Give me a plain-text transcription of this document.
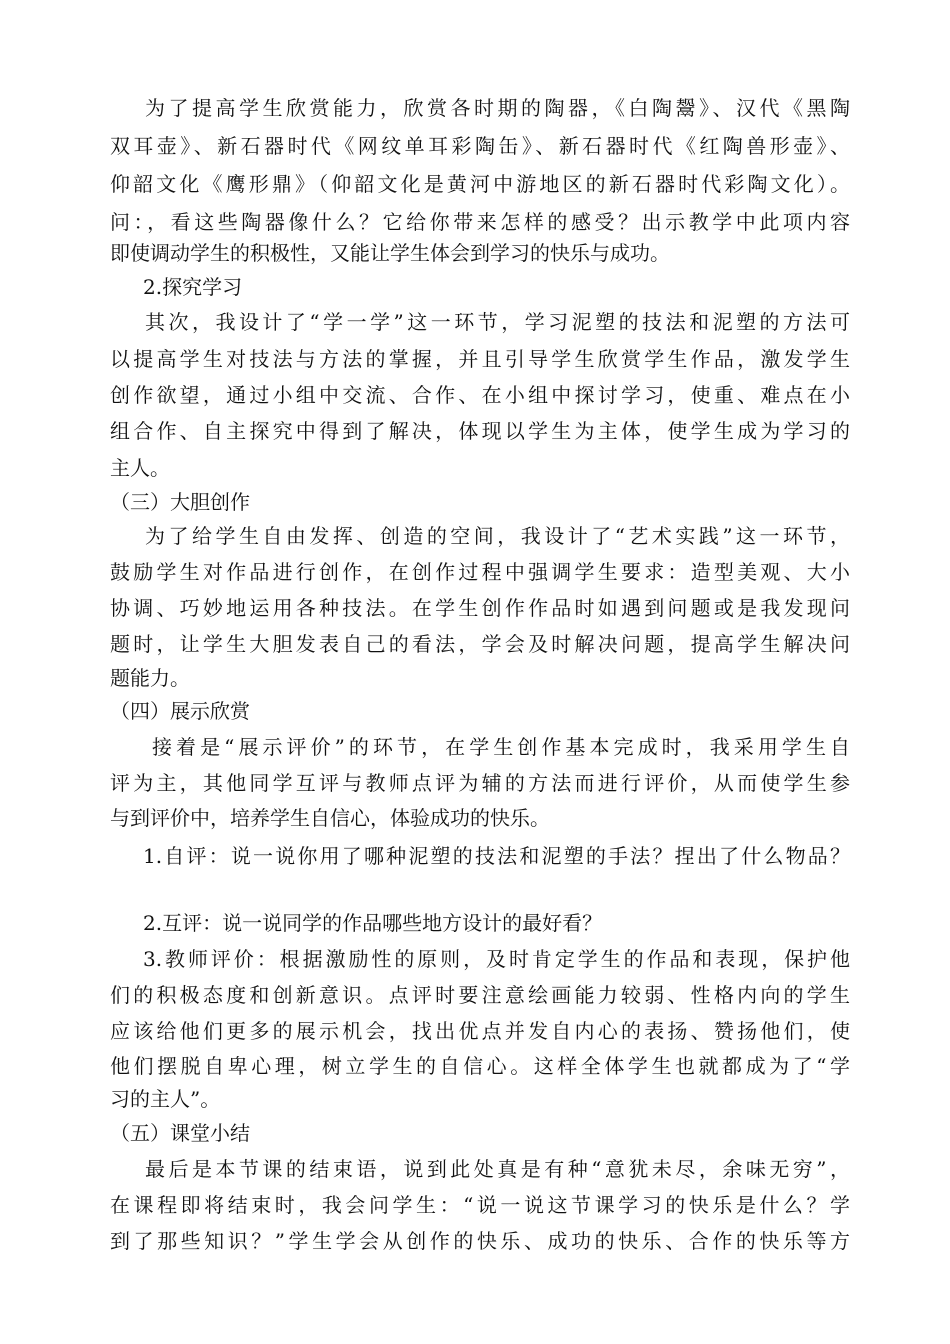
为了提高学生欣赏能力，欣赏各时期的陶器，《白陶鬶》、汉代《黑陶
双耳壶》、新石器时代《网纹单耳彩陶缶》、新石器时代《红陶兽形壶》、
仰韶文化《鹰形鼎》（仰韶文化是黄河中游地区的新石器时代彩陶文化）。
问：，看这些陶器像什么？它给你带来怎样的感受？出示教学中此项内容
即使调动学生的积极性，又能让学生体会到学习的快乐与成功。
2.探究学习
其次，我设计了“学一学”这一环节，学习泥塑的技法和泥塑的方法可
以提高学生对技法与方法的掌握，并且引导学生欣赏学生作品，激发学生
创作欲望，通过小组中交流、合作、在小组中探讨学习，使重、难点在小
组合作、自主探究中得到了解决，体现以学生为主体，使学生成为学习的
主人。
（三）大胆创作
为了给学生自由发挥、创造的空间，我设计了“艺术实践”这一环节，
鼓励学生对作品进行创作，在创作过程中强调学生要求：造型美观、大小
协调、巧妙地运用各种技法。在学生创作作品时如遇到问题或是我发现问
题时，让学生大胆发表自己的看法，学会及时解决问题，提高学生解决问
题能力。
（四）展示欣赏
接着是“展示评价”的环节，在学生创作基本完成时，我采用学生自
评为主，其他同学互评与教师点评为辅的方法而进行评价，从而使学生参
与到评价中，培养学生自信心，体验成功的快乐。
1.自评：说一说你用了哪种泥塑的技法和泥塑的手法？捏出了什么物品？
2.互评：说一说同学的作品哪些地方设计的最好看？
3.教师评价：根据激励性的原则，及时肯定学生的作品和表现，保护他
们的积极态度和创新意识。点评时要注意绘画能力较弱、性格内向的学生
应该给他们更多的展示机会，找出优点并发自内心的表扬、赞扬他们，使
他们摆脱自卑心理，树立学生的自信心。这样全体学生也就都成为了“学
习的主人”。
（五）课堂小结
最后是本节课的结束语，说到此处真是有种“意犹未尽，余味无穷”，
在课程即将结束时，我会问学生：“说一说这节课学习的快乐是什么？学
到了那些知识？”学生学会从创作的快乐、成功的快乐、合作的快乐等方
